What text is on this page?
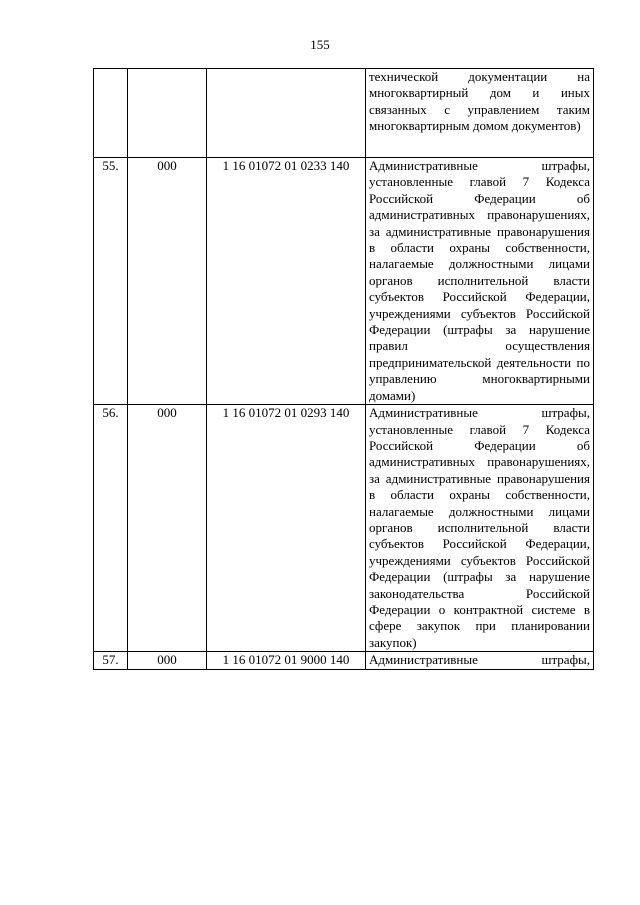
155
			технической документации на многоквартирный дом и иных связанных с управлением таким многоквартирным домом документов)
55.	000	1 16 01072 01 0233 140	Административные штрафы, установленные главой 7 Кодекса Российской Федерации об административных правонарушениях, за административные правонарушения в области охраны собственности, налагаемые должностными лицами органов исполнительной власти субъектов Российской Федерации, учреждениями субъектов Российской Федерации (штрафы за нарушение правил осуществления предпринимательской деятельности по управлению многоквартирными домами)
56.	000	1 16 01072 01 0293 140	Административные штрафы, установленные главой 7 Кодекса Российской Федерации об административных правонарушениях, за административные правонарушения в области охраны собственности, налагаемые должностными лицами органов исполнительной власти субъектов Российской Федерации, учреждениями субъектов Российской Федерации (штрафы за нарушение законодательства Российской Федерации о контрактной системе в сфере закупок при планировании закупок)
57.	000	1 16 01072 01 9000 140	Административные штрафы,
